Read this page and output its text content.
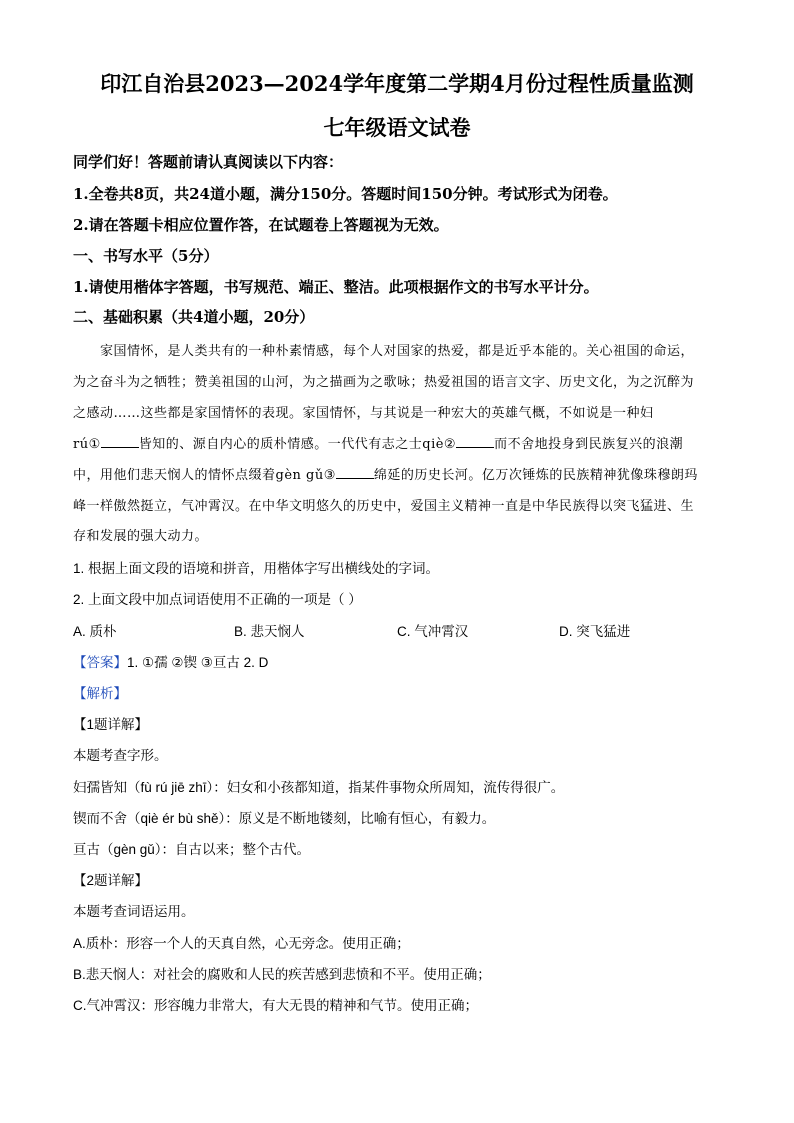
印江自治县2023—2024学年度第二学期4月份过程性质量监测
七年级语文试卷
同学们好！答题前请认真阅读以下内容：
1.全卷共8页，共24道小题，满分150分。答题时间150分钟。考试形式为闭卷。
2.请在答题卡相应位置作答，在试题卷上答题视为无效。
一、书写水平（5分）
1.请使用楷体字答题，书写规范、端正、整洁。此项根据作文的书写水平计分。
二、基础积累（共4道小题，20分）
家国情怀，是人类共有的一种朴素情感，每个人对国家的热爱，都是近乎本能的。关心祖国的命运，
为之奋斗为之牺牲；赞美祖国的山河，为之描画为之歌咏；热爱祖国的语言文字、历史文化，为之沉醉为
之感动……这些都是家国情怀的表现。家国情怀，与其说是一种宏大的英雄气概，不如说是一种妇
rú①	皆知的、源自内心的质朴情感。一代代有志之士qiè②	而不舍地投身到民族复兴的浪潮
中，用他们悲天悯人的情怀点缀着gèn gǔ③	绵延的历史长河。亿万次锤炼的民族精神犹像珠穆朗玛
峰一样傲然挺立，气冲霄汉。在中华文明悠久的历史中，爱国主义精神一直是中华民族得以突飞猛进、生
存和发展的强大动力。
1. 根据上面文段的语境和拼音，用楷体字写出横线处的字词。
2. 上面文段中加点词语使用不正确的一项是（ ）
A. 质朴	B. 悲天悯人	C. 气冲霄汉	D. 突飞猛进
【答案】1. ①孺 ②锲 ③亘古 2. D
【解析】
【1题详解】
本题考查字形。
妇孺皆知（fù rú jiē zhī）：妇女和小孩都知道，指某件事物众所周知，流传得很广。
锲而不舍（qiè ér bù shě）：原义是不断地镂刻，比喻有恒心，有毅力。
亘古（gèn gǔ）：自古以来；整个古代。
【2题详解】
本题考查词语运用。
A.质朴：形容一个人的天真自然，心无旁念。使用正确；
B.悲天悯人：对社会的腐败和人民的疾苦感到悲愤和不平。使用正确；
C.气冲霄汉：形容魄力非常大，有大无畏的精神和气节。使用正确；
